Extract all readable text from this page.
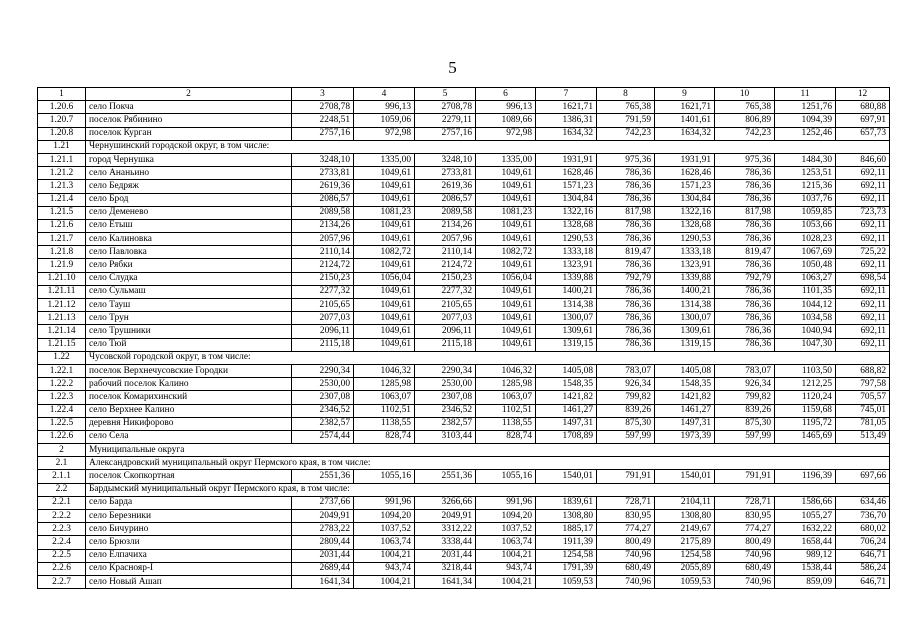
5
1	2	3	4	5	6	7	8	9	10	11	12
1.20.6	село Покча	2708,78	996,13	2708,78	996,13	1621,71	765,38	1621,71	765,38	1251,76	680,88
1.20.7	поселок Рябинино	2248,51	1059,06	2279,11	1089,66	1386,31	791,59	1401,61	806,89	1094,39	697,91
1.20.8	поселок Курган	2757,16	972,98	2757,16	972,98	1634,32	742,23	1634,32	742,23	1252,46	657,73
1.21	Чернушинский городской округ, в том числе:										
1.21.1	город Чернушка	3248,10	1335,00	3248,10	1335,00	1931,91	975,36	1931,91	975,36	1484,30	846,60
1.21.2	село Ананьино	2733,81	1049,61	2733,81	1049,61	1628,46	786,36	1628,46	786,36	1253,51	692,11
1.21.3	село Бедряж	2619,36	1049,61	2619,36	1049,61	1571,23	786,36	1571,23	786,36	1215,36	692,11
1.21.4	село Брод	2086,57	1049,61	2086,57	1049,61	1304,84	786,36	1304,84	786,36	1037,76	692,11
1.21.5	село Деменево	2089,58	1081,23	2089,58	1081,23	1322,16	817,98	1322,16	817,98	1059,85	723,73
1.21.6	село Етыш	2134,26	1049,61	2134,26	1049,61	1328,68	786,36	1328,68	786,36	1053,66	692,11
1.21.7	село Калиновка	2057,96	1049,61	2057,96	1049,61	1290,53	786,36	1290,53	786,36	1028,23	692,11
1.21.8	село Павловка	2110,14	1082,72	2110,14	1082,72	1333,18	819,47	1333,18	819,47	1067,69	725,22
1.21.9	село Рябки	2124,72	1049,61	2124,72	1049,61	1323,91	786,36	1323,91	786,36	1050,48	692,11
1.21.10	село Слудка	2150,23	1056,04	2150,23	1056,04	1339,88	792,79	1339,88	792,79	1063,27	698,54
1.21.11	село Сульмаш	2277,32	1049,61	2277,32	1049,61	1400,21	786,36	1400,21	786,36	1101,35	692,11
1.21.12	село Тауш	2105,65	1049,61	2105,65	1049,61	1314,38	786,36	1314,38	786,36	1044,12	692,11
1.21.13	село Трун	2077,03	1049,61	2077,03	1049,61	1300,07	786,36	1300,07	786,36	1034,58	692,11
1.21.14	село Трушники	2096,11	1049,61	2096,11	1049,61	1309,61	786,36	1309,61	786,36	1040,94	692,11
1.21.15	село Тюй	2115,18	1049,61	2115,18	1049,61	1319,15	786,36	1319,15	786,36	1047,30	692,11
1.22	Чусовской городской округ, в том числе:										
1.22.1	поселок Верхнечусовские Городки	2290,34	1046,32	2290,34	1046,32	1405,08	783,07	1405,08	783,07	1103,50	688,82
1.22.2	рабочий поселок Калино	2530,00	1285,98	2530,00	1285,98	1548,35	926,34	1548,35	926,34	1212,25	797,58
1.22.3	поселок Комарихинский	2307,08	1063,07	2307,08	1063,07	1421,82	799,82	1421,82	799,82	1120,24	705,57
1.22.4	село Верхнее Калино	2346,52	1102,51	2346,52	1102,51	1461,27	839,26	1461,27	839,26	1159,68	745,01
1.22.5	деревня Никифорово	2382,57	1138,55	2382,57	1138,55	1497,31	875,30	1497,31	875,30	1195,72	781,05
1.22.6	село Села	2574,44	828,74	3103,44	828,74	1708,89	597,99	1973,39	597,99	1465,69	513,49
2	Муниципальные округа										
2.1	Александровский муниципальный округ Пермского края, в том числе:										
2.1.1	поселок Скопкортная	2551,36	1055,16	2551,36	1055,16	1540,01	791,91	1540,01	791,91	1196,39	697,66
2.2	Бардымский муниципальный округ Пермского края, в том числе:										
2.2.1	село Барда	2737,66	991,96	3266,66	991,96	1839,61	728,71	2104,11	728,71	1586,66	634,46
2.2.2	село Березники	2049,91	1094,20	2049,91	1094,20	1308,80	830,95	1308,80	830,95	1055,27	736,70
2.2.3	село Бичурино	2783,22	1037,52	3312,22	1037,52	1885,17	774,27	2149,67	774,27	1632,22	680,02
2.2.4	село Брюзли	2809,44	1063,74	3338,44	1063,74	1911,39	800,49	2175,89	800,49	1658,44	706,24
2.2.5	село Елпачиха	2031,44	1004,21	2031,44	1004,21	1254,58	740,96	1254,58	740,96	989,12	646,71
2.2.6	село Краснояр-I	2689,44	943,74	3218,44	943,74	1791,39	680,49	2055,89	680,49	1538,44	586,24
2.2.7	село Новый Ашап	1641,34	1004,21	1641,34	1004,21	1059,53	740,96	1059,53	740,96	859,09	646,71
